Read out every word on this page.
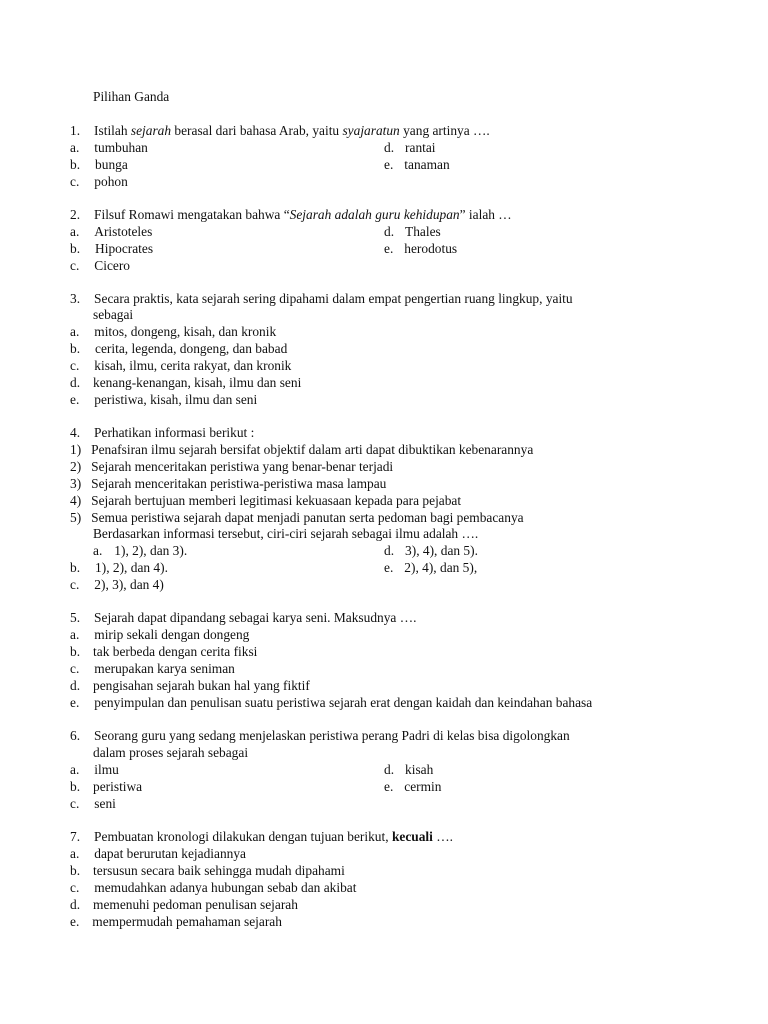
Pilihan Ganda
1. Istilah sejarah berasal dari bahasa Arab, yaitu syajaratun yang artinya ….
a. tumbuhan
b. bunga
c. pohon
d. rantai
e. tanaman
2. Filsuf Romawi mengatakan bahwa “Sejarah adalah guru kehidupan” ialah …
a. Aristoteles
b. Hipocrates
c. Cicero
d. Thales
e. herodotus
3. Secara praktis, kata sejarah sering dipahami dalam empat pengertian ruang lingkup, yaitu
sebagai
a. mitos, dongeng, kisah, dan kronik
b. cerita, legenda, dongeng, dan babad
c. kisah, ilmu, cerita rakyat, dan kronik
d. kenang-kenangan, kisah, ilmu dan seni
e. peristiwa, kisah, ilmu dan seni
4. Perhatikan informasi berikut :
1) Penafsiran ilmu sejarah bersifat objektif dalam arti dapat dibuktikan kebenarannya
2) Sejarah menceritakan peristiwa yang benar-benar terjadi
3) Sejarah menceritakan peristiwa-peristiwa masa lampau
4) Sejarah bertujuan memberi legitimasi kekuasaan kepada para pejabat
5) Semua peristiwa sejarah dapat menjadi panutan serta pedoman bagi pembacanya
Berdasarkan informasi tersebut, ciri-ciri sejarah sebagai ilmu adalah ….
a. 1), 2), dan 3).
b. 1), 2), dan 4).
c. 2), 3), dan 4)
d. 3), 4), dan 5).
e. 2), 4), dan 5),
5. Sejarah dapat dipandang sebagai karya seni. Maksudnya ….
a. mirip sekali dengan dongeng
b. tak berbeda dengan cerita fiksi
c. merupakan karya seniman
d. pengisahan sejarah bukan hal yang fiktif
e. penyimpulan dan penulisan suatu peristiwa sejarah erat dengan kaidah dan keindahan bahasa
6. Seorang guru yang sedang menjelaskan peristiwa perang Padri di kelas bisa digolongkan
dalam proses sejarah sebagai
a. ilmu
b. peristiwa
c. seni
d. kisah
e. cermin
7. Pembuatan kronologi dilakukan dengan tujuan berikut, kecuali ….
a. dapat berurutan kejadiannya
b. tersusun secara baik sehingga mudah dipahami
c. memudahkan adanya hubungan sebab dan akibat
d. memenuhi pedoman penulisan sejarah
e. mempermudah pemahaman sejarah
